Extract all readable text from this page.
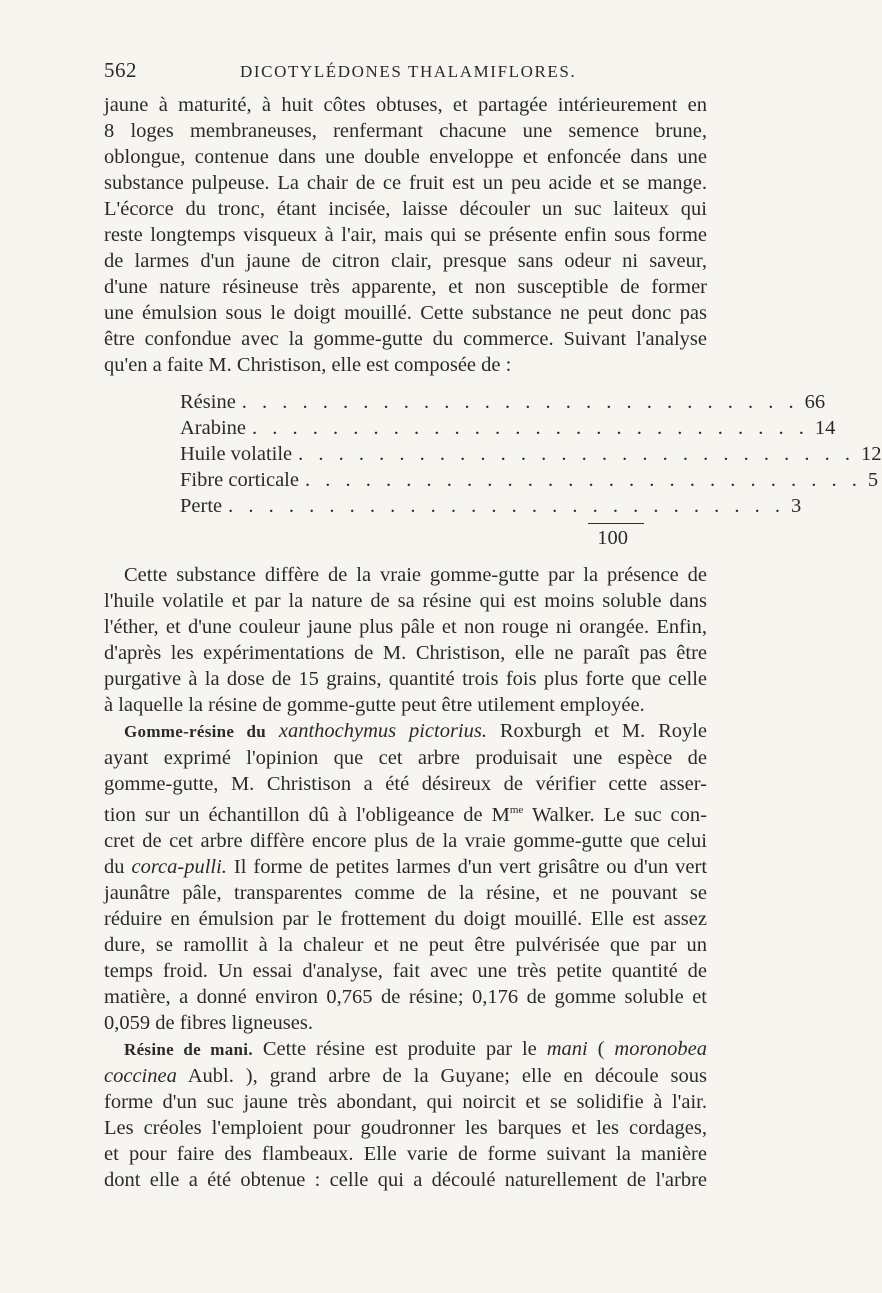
562	DICOTYLÉDONES THALAMIFLORES.

jaune à maturité, à huit côtes obtuses, et partagée intérieurement en
8 loges membraneuses, renfermant chacune une semence brune,
oblongue, contenue dans une double enveloppe et enfoncée dans une
substance pulpeuse. La chair de ce fruit est un peu acide et se mange.
L'écorce du tronc, étant incisée, laisse découler un suc laiteux qui
reste longtemps visqueux à l'air, mais qui se présente enfin sous forme
de larmes d'un jaune de citron clair, presque sans odeur ni saveur,
d'une nature résineuse très apparente, et non susceptible de former
une émulsion sous le doigt mouillé. Cette substance ne peut donc pas
être confondue avec la gomme-gutte du commerce. Suivant l'analyse
qu'en a faite M. Christison, elle est composée de :

Résine . . . . . . . . . . . . . . . . . . . . . . . . . . . . 66
Arabine . . . . . . . . . . . . . . . . . . . . . . . . . . . . 14
Huile volatile . . . . . . . . . . . . . . . . . . . . . . . . . . . . 12
Fibre corticale . . . . . . . . . . . . . . . . . . . . . . . . . . . . 5
Perte . . . . . . . . . . . . . . . . . . . . . . . . . . . . 3
100

Cette substance diffère de la vraie gomme-gutte par la présence de
l'huile volatile et par la nature de sa résine qui est moins soluble dans
l'éther, et d'une couleur jaune plus pâle et non rouge ni orangée. Enfin,
d'après les expérimentations de M. Christison, elle ne paraît pas être
purgative à la dose de 15 grains, quantité trois fois plus forte que celle
à laquelle la résine de gomme-gutte peut être utilement employée.

Gomme-résine du xanthochymus pictorius. Roxburgh et M. Royle
ayant exprimé l'opinion que cet arbre produisait une espèce de
gomme-gutte, M. Christison a été désireux de vérifier cette asser-
tion sur un échantillon dû à l'obligeance de $M^{me}$ Walker. Le suc con-
cret de cet arbre diffère encore plus de la vraie gomme-gutte que celui
du corca-pulli. Il forme de petites larmes d'un vert grisâtre ou d'un vert
jaunâtre pâle, transparentes comme de la résine, et ne pouvant se
réduire en émulsion par le frottement du doigt mouillé. Elle est assez
dure, se ramollit à la chaleur et ne peut être pulvérisée que par un
temps froid. Un essai d'analyse, fait avec une très petite quantité de
matière, a donné environ 0,765 de résine; 0,176 de gomme soluble et
0,059 de fibres ligneuses.

Résine de mani. Cette résine est produite par le mani ( moronobea
coccinea Aubl. ), grand arbre de la Guyane; elle en découle sous
forme d'un suc jaune très abondant, qui noircit et se solidifie à l'air.
Les créoles l'emploient pour goudronner les barques et les cordages,
et pour faire des flambeaux. Elle varie de forme suivant la manière
dont elle a été obtenue : celle qui a découlé naturellement de l'arbre
